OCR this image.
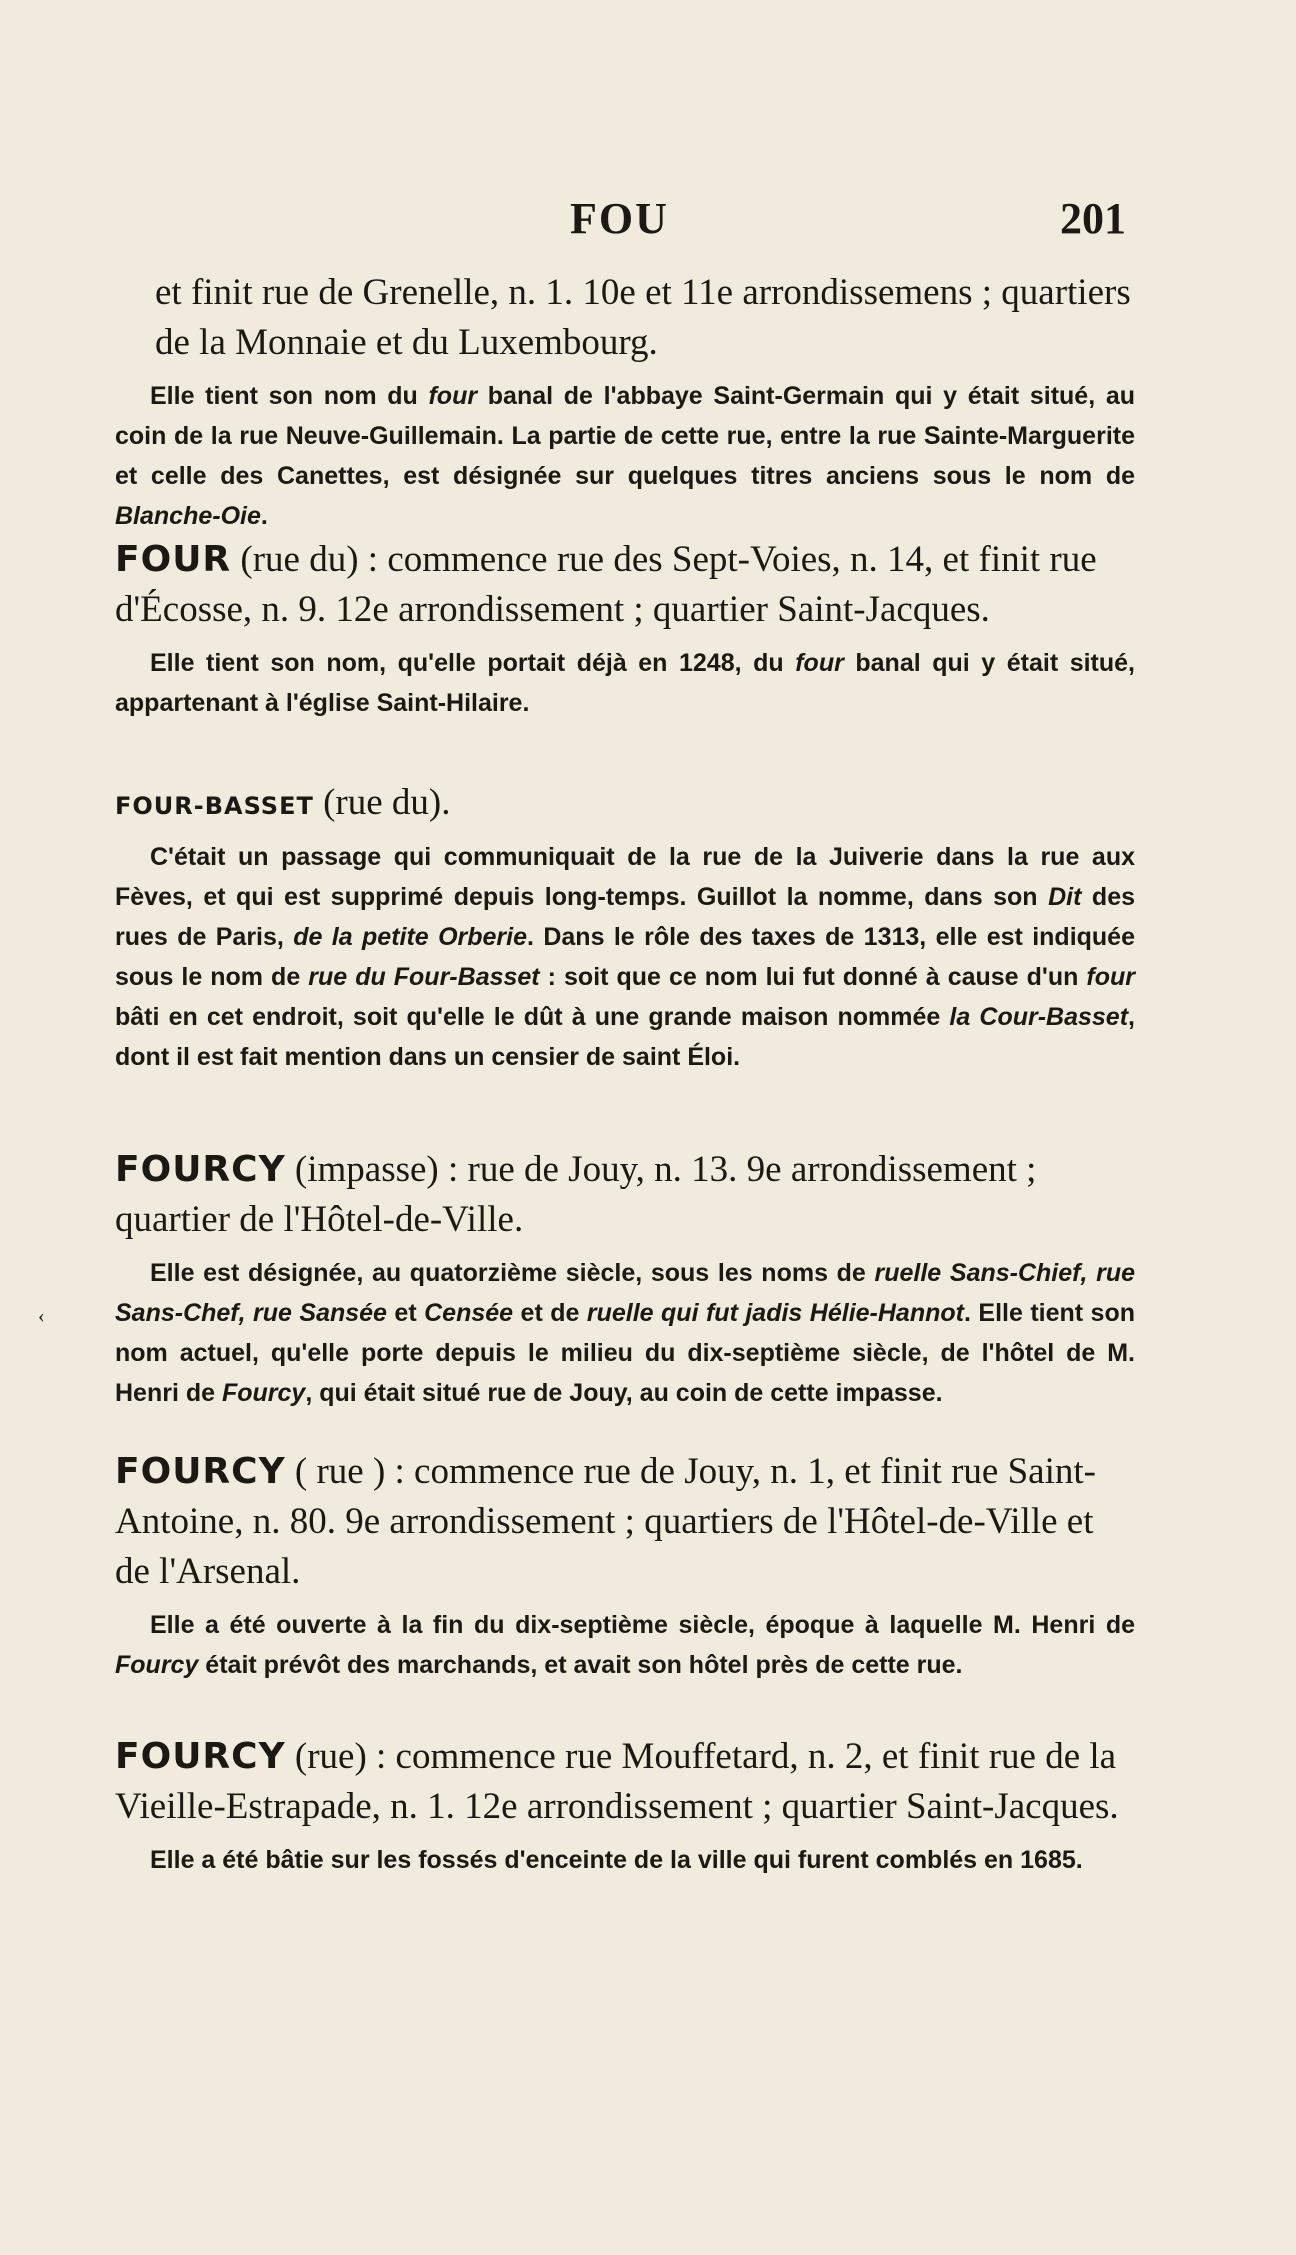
FOU	201
et finit rue de Grenelle, n. 1. 10e et 11e arrondissemens ; quartiers de la Monnaie et du Luxembourg.

Elle tient son nom du four banal de l'abbaye Saint-Germain qui y était situé, au coin de la rue Neuve-Guillemain. La partie de cette rue, entre la rue Sainte-Marguerite et celle des Canettes, est désignée sur quelques titres anciens sous le nom de Blanche-Oie.

FOUR (rue du) : commence rue des Sept-Voies, n. 14, et finit rue d'Écosse, n. 9. 12e arrondissement ; quartier Saint-Jacques.

Elle tient son nom, qu'elle portait déjà en 1248, du four banal qui y était situé, appartenant à l'église Saint-Hilaire.

FOUR-BASSET (rue du).

C'était un passage qui communiquait de la rue de la Juiverie dans la rue aux Fèves, et qui est supprimé depuis long-temps. Guillot la nomme, dans son Dit des rues de Paris, de la petite Orberie. Dans le rôle des taxes de 1313, elle est indiquée sous le nom de rue du Four-Basset : soit que ce nom lui fut donné à cause d'un four bâti en cet endroit, soit qu'elle le dût à une grande maison nommée la Cour-Basset, dont il est fait mention dans un censier de saint Éloi.

FOURCY (impasse) : rue de Jouy, n. 13. 9e arrondissement ; quartier de l'Hôtel-de-Ville.

Elle est désignée, au quatorzième siècle, sous les noms de ruelle Sans-Chief, rue Sans-Chef, rue Sansée et Censée et de ruelle qui fut jadis Hélie-Hannot. Elle tient son nom actuel, qu'elle porte depuis le milieu du dix-septième siècle, de l'hôtel de M. Henri de Fourcy, qui était situé rue de Jouy, au coin de cette impasse.

FOURCY ( rue ) : commence rue de Jouy, n. 1, et finit rue Saint-Antoine, n. 80. 9e arrondissement ; quartiers de l'Hôtel-de-Ville et de l'Arsenal.

Elle a été ouverte à la fin du dix-septième siècle, époque à laquelle M. Henri de Fourcy était prévôt des marchands, et avait son hôtel près de cette rue.

FOURCY (rue) : commence rue Mouffetard, n. 2, et finit rue de la Vieille-Estrapade, n. 1. 12e arrondissement ; quartier Saint-Jacques.

Elle a été bâtie sur les fossés d'enceinte de la ville qui furent comblés en 1685.

‹
